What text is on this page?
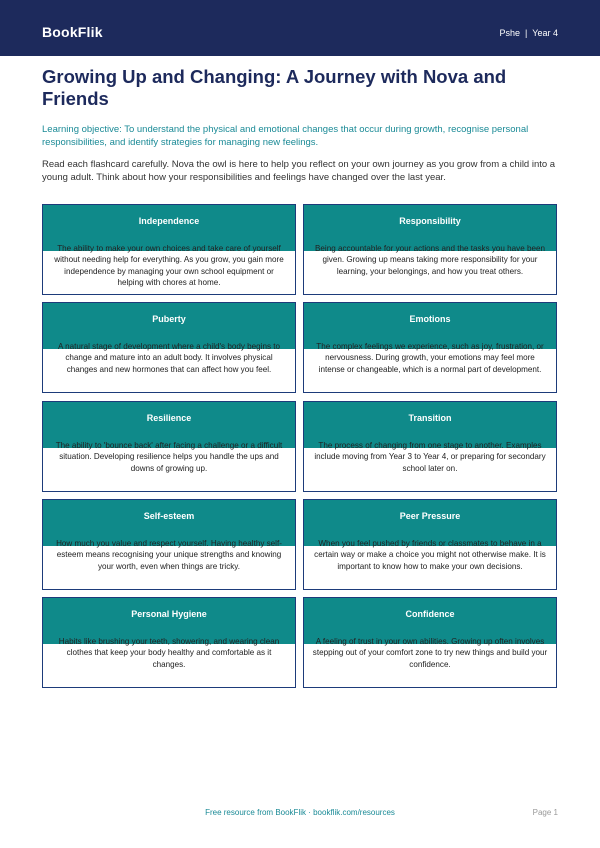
BookFlik	Pshe | Year 4
Growing Up and Changing: A Journey with Nova and Friends

Learning objective: To understand the physical and emotional changes that occur during growth, recognise personal responsibilities, and identify strategies for managing new feelings.

Read each flashcard carefully. Nova the owl is here to help you reflect on your own journey as you grow from a child into a young adult. Think about how your responsibilities and feelings have changed over the last year.

Independence
The ability to make your own choices and take care of yourself without needing help for everything. As you grow, you gain more independence by managing your own school equipment or helping with chores at home.
Responsibility
Being accountable for your actions and the tasks you have been given. Growing up means taking more responsibility for your learning, your belongings, and how you treat others.
Puberty
A natural stage of development where a child's body begins to change and mature into an adult body. It involves physical changes and new hormones that can affect how you feel.
Emotions
The complex feelings we experience, such as joy, frustration, or nervousness. During growth, your emotions may feel more intense or changeable, which is a normal part of development.
Resilience
The ability to 'bounce back' after facing a challenge or a difficult situation. Developing resilience helps you handle the ups and downs of growing up.
Transition
The process of changing from one stage to another. Examples include moving from Year 3 to Year 4, or preparing for secondary school later on.
Self-esteem
How much you value and respect yourself. Having healthy self-esteem means recognising your unique strengths and knowing your worth, even when things are tricky.
Peer Pressure
When you feel pushed by friends or classmates to behave in a certain way or make a choice you might not otherwise make. It is important to know how to make your own decisions.
Personal Hygiene
Habits like brushing your teeth, showering, and wearing clean clothes that keep your body healthy and comfortable as it changes.
Confidence
A feeling of trust in your own abilities. Growing up often involves stepping out of your comfort zone to try new things and build your confidence.
Free resource from BookFlik · bookflik.com/resources	Page 1
